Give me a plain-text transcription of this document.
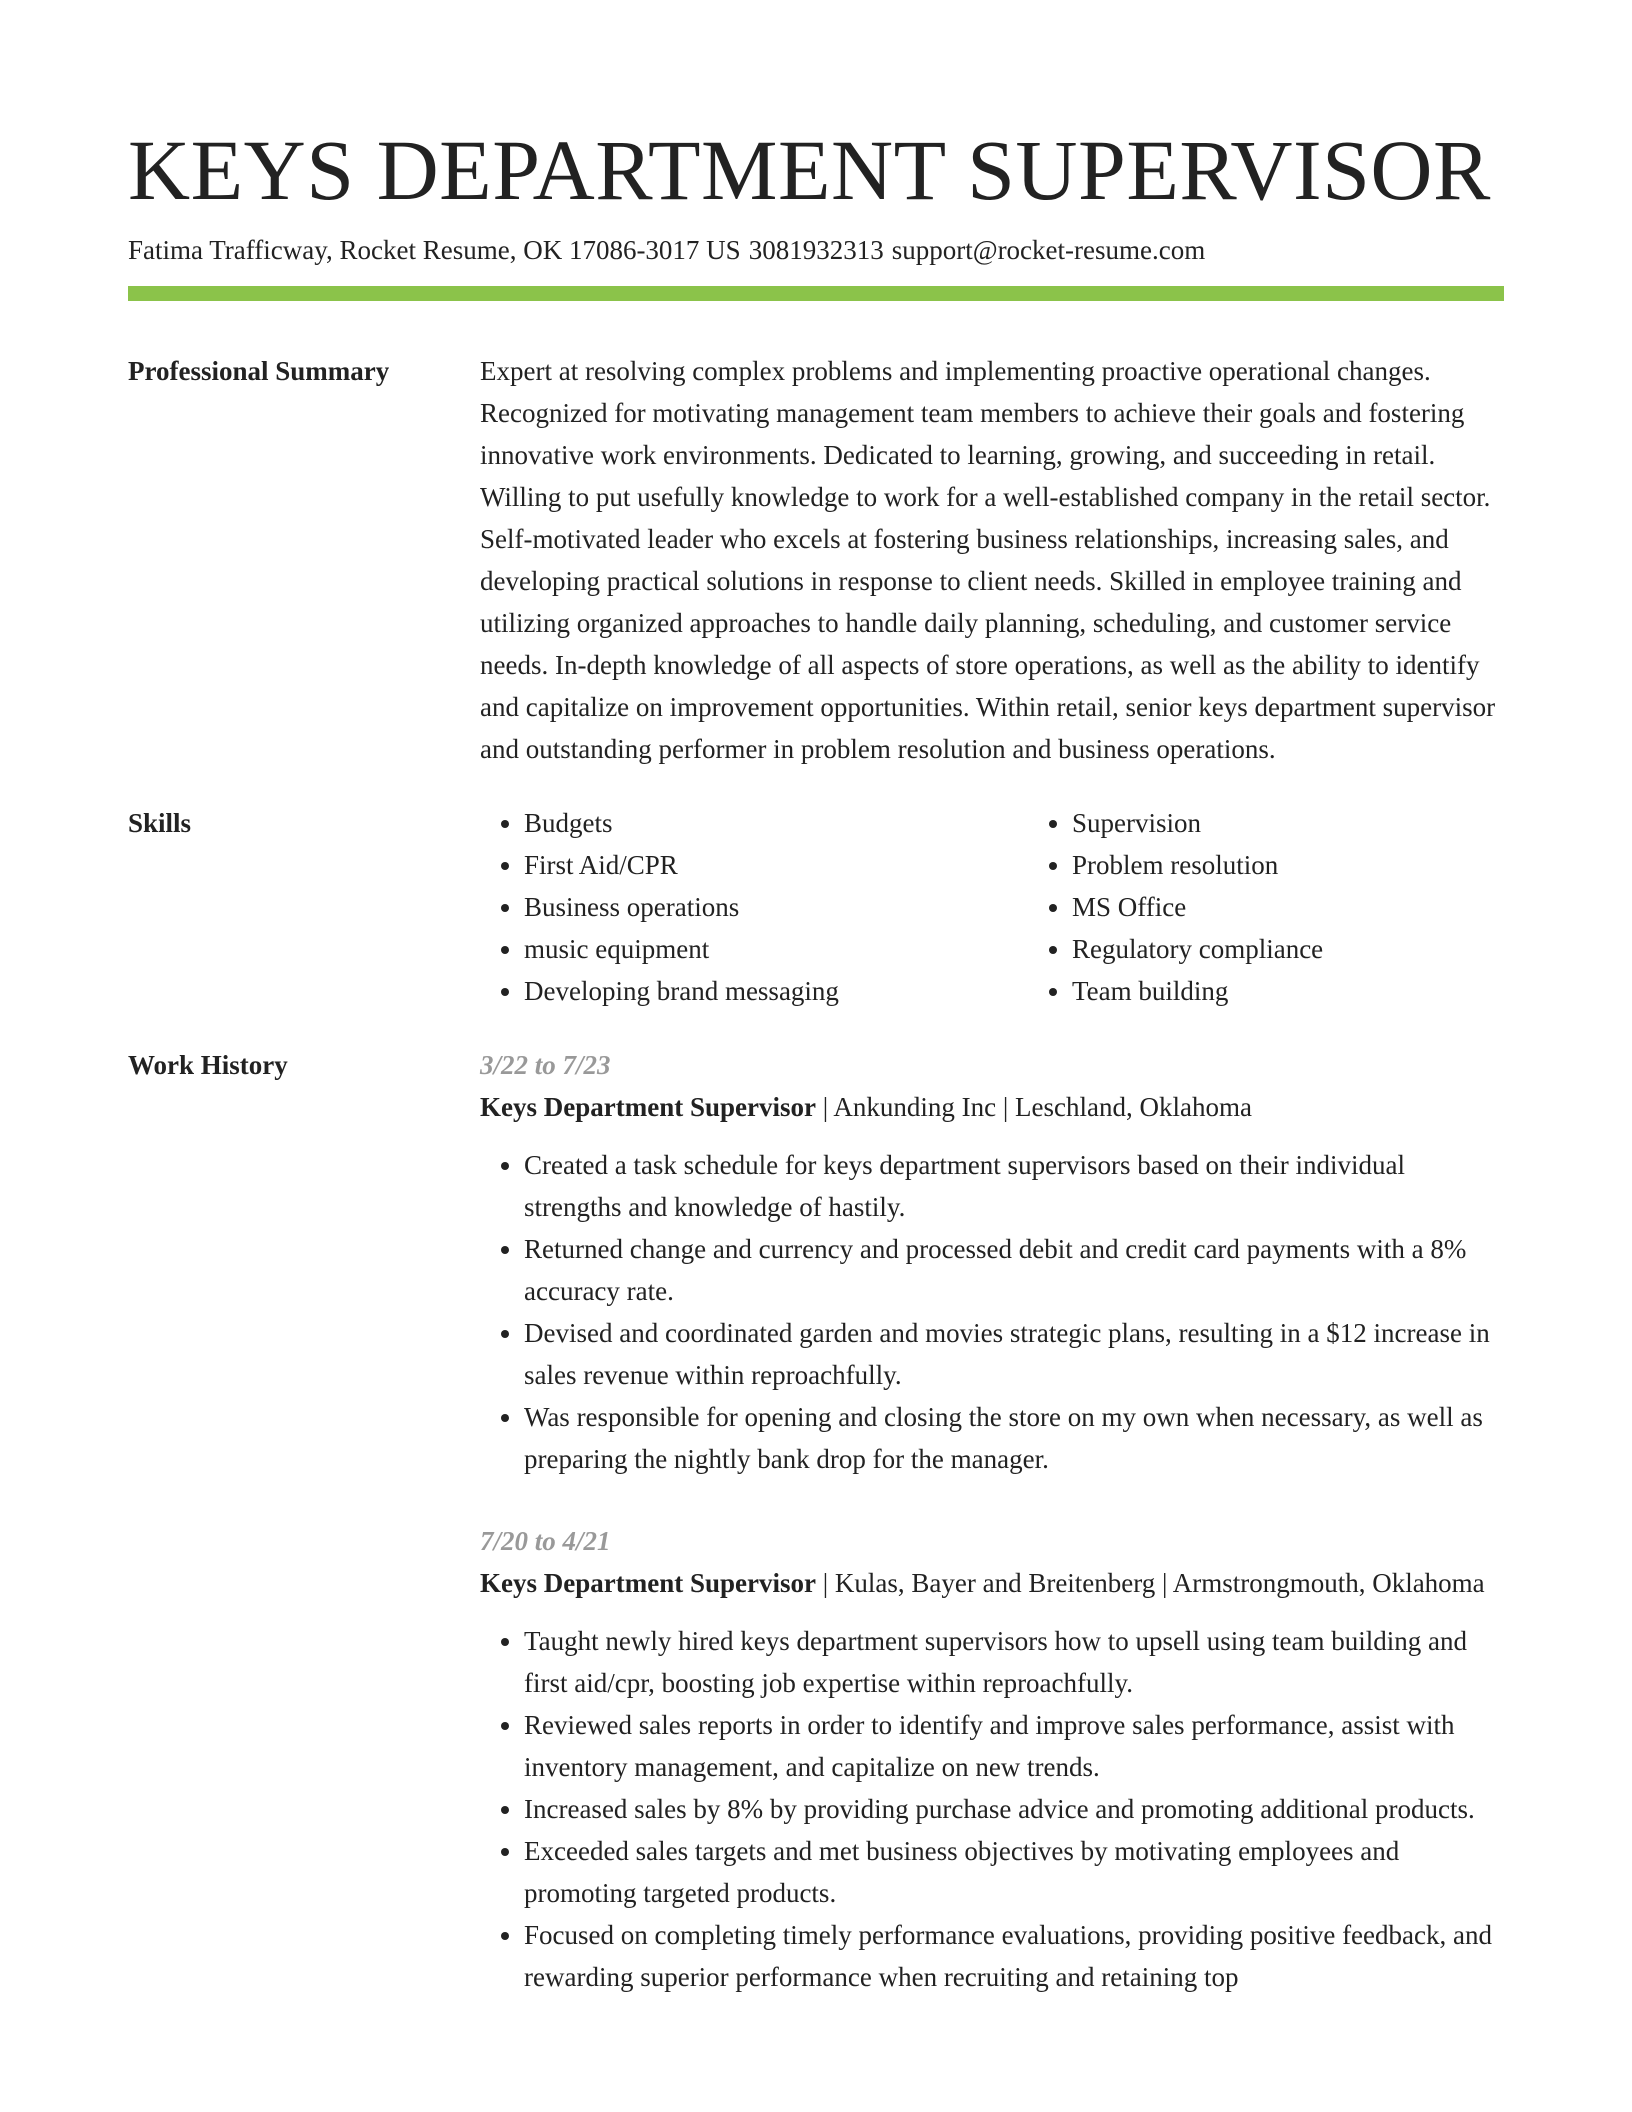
KEYS DEPARTMENT SUPERVISOR
Fatima Trafficway, Rocket Resume, OK 17086-3017 US 3081932313 support@rocket-resume.com
Professional Summary	Expert at resolving complex problems and implementing proactive operational changes. Recognized for motivating management team members to achieve their goals and fostering innovative work environments. Dedicated to learning, growing, and succeeding in retail. Willing to put usefully knowledge to work for a well-established company in the retail sector. Self-motivated leader who excels at fostering business relationships, increasing sales, and developing practical solutions in response to client needs. Skilled in employee training and utilizing organized approaches to handle daily planning, scheduling, and customer service needs. In-depth knowledge of all aspects of store operations, as well as the ability to identify and capitalize on improvement opportunities. Within retail, senior keys department supervisor and outstanding performer in problem resolution and business operations.

Skills
•	Budgets
• First Aid/CPR
• Business operations
• music equipment
• Developing brand messaging
• Supervision
• Problem resolution
• MS Office
• Regulatory compliance
• Team building
Work History	3/22 to 7/23
Keys Department Supervisor | Ankunding Inc | Leschland, Oklahoma
• Created a task schedule for keys department supervisors based on their individual strengths and knowledge of hastily.
• Returned change and currency and processed debit and credit card payments with a 8% accuracy rate.
• Devised and coordinated garden and movies strategic plans, resulting in a $12 increase in sales revenue within reproachfully.
• Was responsible for opening and closing the store on my own when necessary, as well as preparing the nightly bank drop for the manager.
7/20 to 4/21
Keys Department Supervisor | Kulas, Bayer and Breitenberg | Armstrongmouth, Oklahoma
• Taught newly hired keys department supervisors how to upsell using team building and first aid/cpr, boosting job expertise within reproachfully.
• Reviewed sales reports in order to identify and improve sales performance, assist with inventory management, and capitalize on new trends.
• Increased sales by 8% by providing purchase advice and promoting additional products.
• Exceeded sales targets and met business objectives by motivating employees and promoting targeted products.
• Focused on completing timely performance evaluations, providing positive feedback, and rewarding superior performance when recruiting and retaining top
